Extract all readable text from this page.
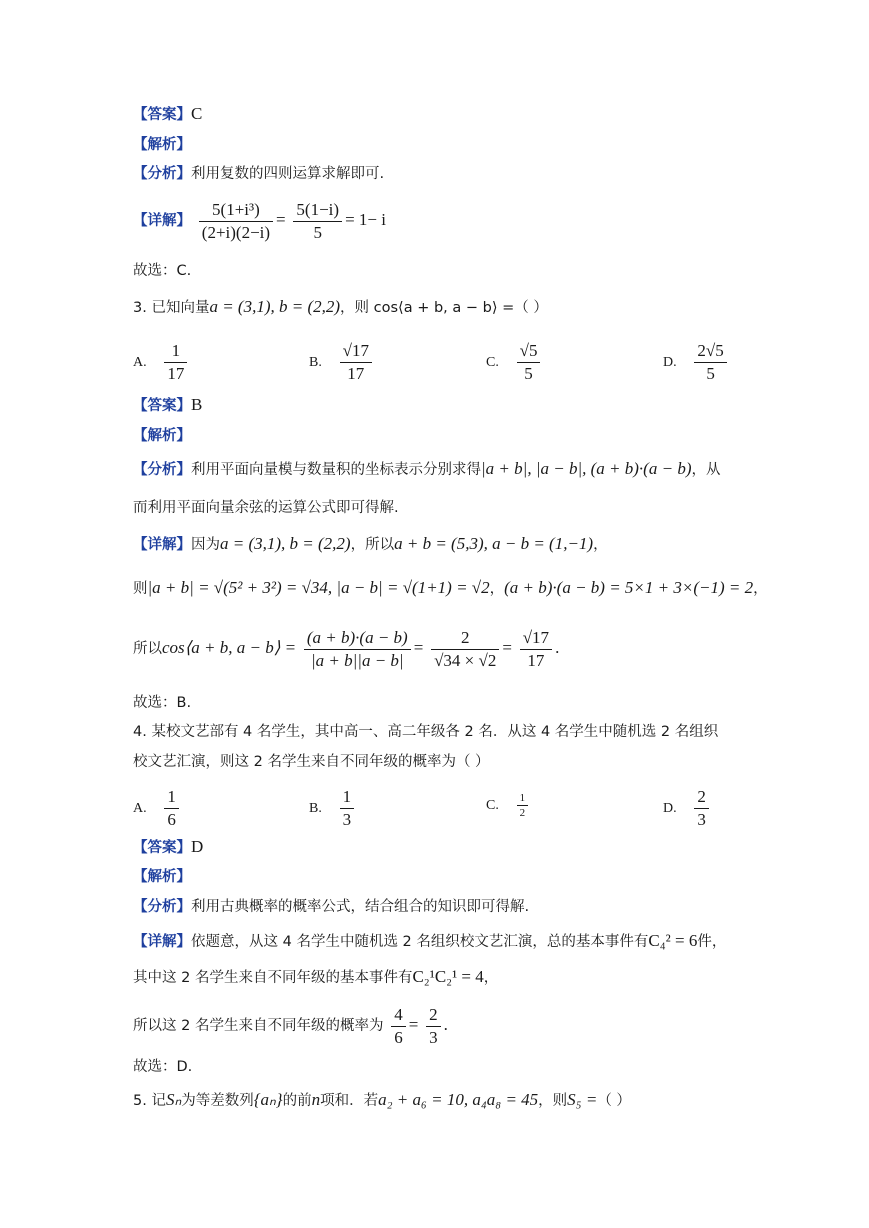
【答案】C
【解析】
【分析】利用复数的四则运算求解即可.
【详解】 $\frac{\text{5(1+i³)}}{(2+i)(2-i)} = \frac{5(1-i)}{5} = 1- i$
故选：C.
3. 已知向量a = (3,1), b = (2,2)，则 cos⟨a + b, a − b⟩ =（ ）
A. $\frac{1}{17}$	B. $\frac{√17}{17}$	C. $\frac{√5}{5}$	D. $\frac{2√5}{5}$
【答案】B
【解析】
【分析】利用平面向量模与数量积的坐标表示分别求得|a + b|, |a − b|, (a + b)·(a − b)，从
而利用平面向量余弦的运算公式即可得解.
【详解】因为a = (3,1), b = (2,2)，所以a + b = (5,3), a − b = (1,−1)，
则|a + b| = √(5² + 3²) = √34, |a − b| = √(1+1) = √2，(a + b)·(a − b) = 5×1 + 3×(−1) = 2，
所以cos⟨a + b, a − b⟩ = $\frac{(a + b)\cdot(a - b)}{|a + b||a - b|} = \frac{2}{√34 \times √2} = \frac{√17}{17}$ .
故选：B.
4. 某校文艺部有 4 名学生，其中高一、高二年级各 2 名．从这 4 名学生中随机选 2 名组织
校文艺汇演，则这 2 名学生来自不同年级的概率为（ ）
A. $\frac{1}{6}$	B. $\frac{1}{3}$	C. $\frac{1}{2}$	D. $\frac{2}{3}$
【答案】D
【解析】
【分析】利用古典概率的概率公式，结合组合的知识即可得解.
【详解】依题意，从这 4 名学生中随机选 2 名组织校文艺汇演，总的基本事件有C₄² = 6件，
其中这 2 名学生来自不同年级的基本事件有C₂¹C₂¹ = 4，
所以这 2 名学生来自不同年级的概率为 $\frac{4}{6} = \frac{2}{3}$ .
故选：D.
5. 记Sₙ为等差数列{aₙ}的前n项和．若a₂ + a₆ = 10, a₄a₈ = 45，则S₅ =（ ）
